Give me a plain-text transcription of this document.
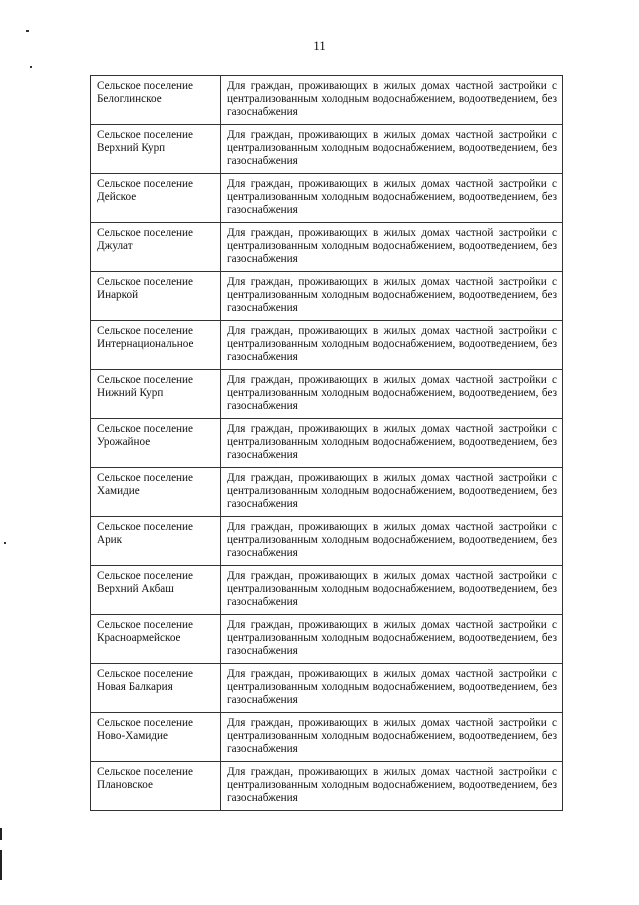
11
Сельское поселение
Белоглинское	Для граждан, проживающих в жилых домах частной застройки с централизованным холодным водоснабжением, водоотведением, без газоснабжения

Сельское поселение
Верхний Курп	Для граждан, проживающих в жилых домах частной застройки с централизованным холодным водоснабжением, водоотведением, без газоснабжения

Сельское поселение
Дейское	Для граждан, проживающих в жилых домах частной застройки с централизованным холодным водоснабжением, водоотведением, без газоснабжения

Сельское поселение
Джулат	Для граждан, проживающих в жилых домах частной застройки с централизованным холодным водоснабжением, водоотведением, без газоснабжения

Сельское поселение
Инаркой	Для граждан, проживающих в жилых домах частной застройки с централизованным холодным водоснабжением, водоотведением, без газоснабжения

Сельское поселение
Интернациональное	Для граждан, проживающих в жилых домах частной застройки с централизованным холодным водоснабжением, водоотведением, без газоснабжения

Сельское поселение
Нижний Курп	Для граждан, проживающих в жилых домах частной застройки с централизованным холодным водоснабжением, водоотведением, без газоснабжения

Сельское поселение
Урожайное	Для граждан, проживающих в жилых домах частной застройки с централизованным холодным водоснабжением, водоотведением, без газоснабжения

Сельское поселение
Хамидие	Для граждан, проживающих в жилых домах частной застройки с централизованным холодным водоснабжением, водоотведением, без газоснабжения

Сельское поселение
Арик	Для граждан, проживающих в жилых домах частной застройки с централизованным холодным водоснабжением, водоотведением, без газоснабжения

Сельское поселение
Верхний Акбаш	Для граждан, проживающих в жилых домах частной застройки с централизованным холодным водоснабжением, водоотведением, без газоснабжения

Сельское поселение
Красноармейское	Для граждан, проживающих в жилых домах частной застройки с централизованным холодным водоснабжением, водоотведением, без газоснабжения

Сельское поселение
Новая Балкария	Для граждан, проживающих в жилых домах частной застройки с централизованным холодным водоснабжением, водоотведением, без газоснабжения

Сельское поселение
Ново-Хамидие	Для граждан, проживающих в жилых домах частной застройки с централизованным холодным водоснабжением, водоотведением, без газоснабжения

Сельское поселение
Плановское	Для граждан, проживающих в жилых домах частной застройки с централизованным холодным водоснабжением, водоотведением, без газоснабжения
